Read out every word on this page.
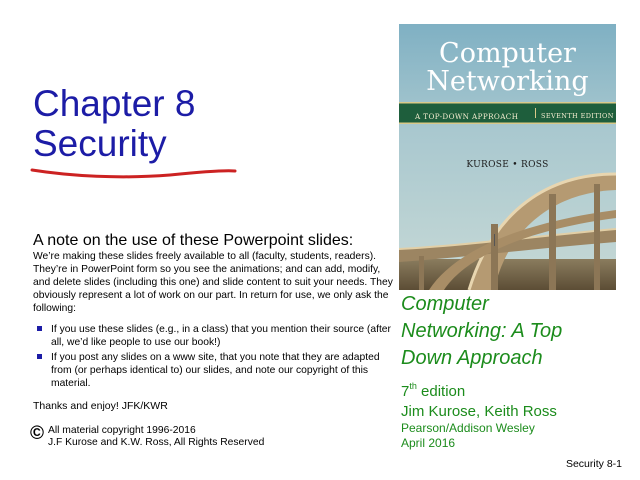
Chapter 8
Security
A note on the use of these Powerpoint slides:
We’re making these slides freely available to all (faculty, students, readers). They’re in PowerPoint form so you see the animations; and can add, modify, and delete slides (including this one) and slide content to suit your needs. They obviously represent a lot of work on our part. In return for use, we only ask the following:
If you use these slides (e.g., in a class) that you mention their source (after all, we’d like people to use our book!)
If you post any slides on a www site, that you note that they are adapted from (or perhaps identical to) our slides, and note our copyright of this material.
Thanks and enjoy! JFK/KWR
© All material copyright 1996-2016
J.F Kurose and K.W. Ross, All Rights Reserved
Computer
Networking
A TOP-DOWN APPROACH	SEVENTH EDITION
KUROSE • ROSS
Computer
Networking: A Top
Down Approach
7th edition
Jim Kurose, Keith Ross
Pearson/Addison Wesley
April 2016
Security 8-1
